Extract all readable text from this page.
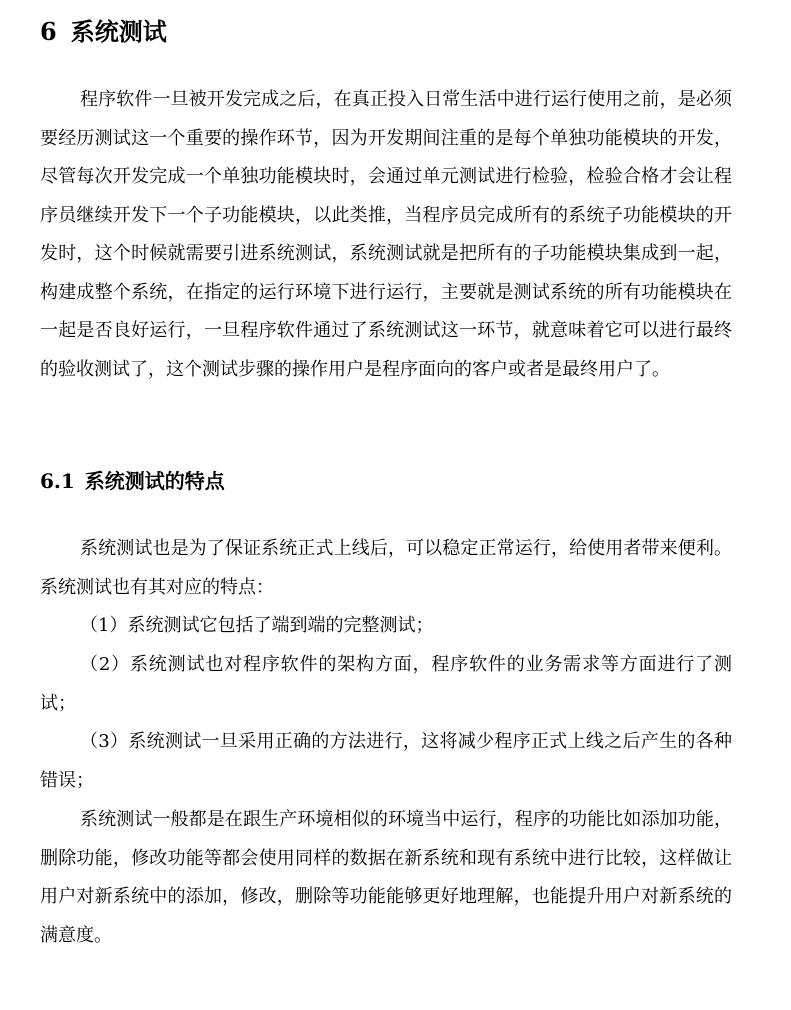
6 系统测试

程序软件一旦被开发完成之后，在真正投入日常生活中进行运行使用之前，是必须要经历测试这一个重要的操作环节，因为开发期间注重的是每个单独功能模块的开发，尽管每次开发完成一个单独功能模块时，会通过单元测试进行检验，检验合格才会让程序员继续开发下一个子功能模块，以此类推，当程序员完成所有的系统子功能模块的开发时，这个时候就需要引进系统测试，系统测试就是把所有的子功能模块集成到一起，构建成整个系统，在指定的运行环境下进行运行，主要就是测试系统的所有功能模块在一起是否良好运行，一旦程序软件通过了系统测试这一环节，就意味着它可以进行最终的验收测试了，这个测试步骤的操作用户是程序面向的客户或者是最终用户了。

6.1 系统测试的特点

系统测试也是为了保证系统正式上线后，可以稳定正常运行，给使用者带来便利。系统测试也有其对应的特点：

（1）系统测试它包括了端到端的完整测试；

（2）系统测试也对程序软件的架构方面，程序软件的业务需求等方面进行了测试；

（3）系统测试一旦采用正确的方法进行，这将减少程序正式上线之后产生的各种错误；

系统测试一般都是在跟生产环境相似的环境当中运行，程序的功能比如添加功能，删除功能，修改功能等都会使用同样的数据在新系统和现有系统中进行比较，这样做让用户对新系统中的添加，修改，删除等功能能够更好地理解，也能提升用户对新系统的满意度。
